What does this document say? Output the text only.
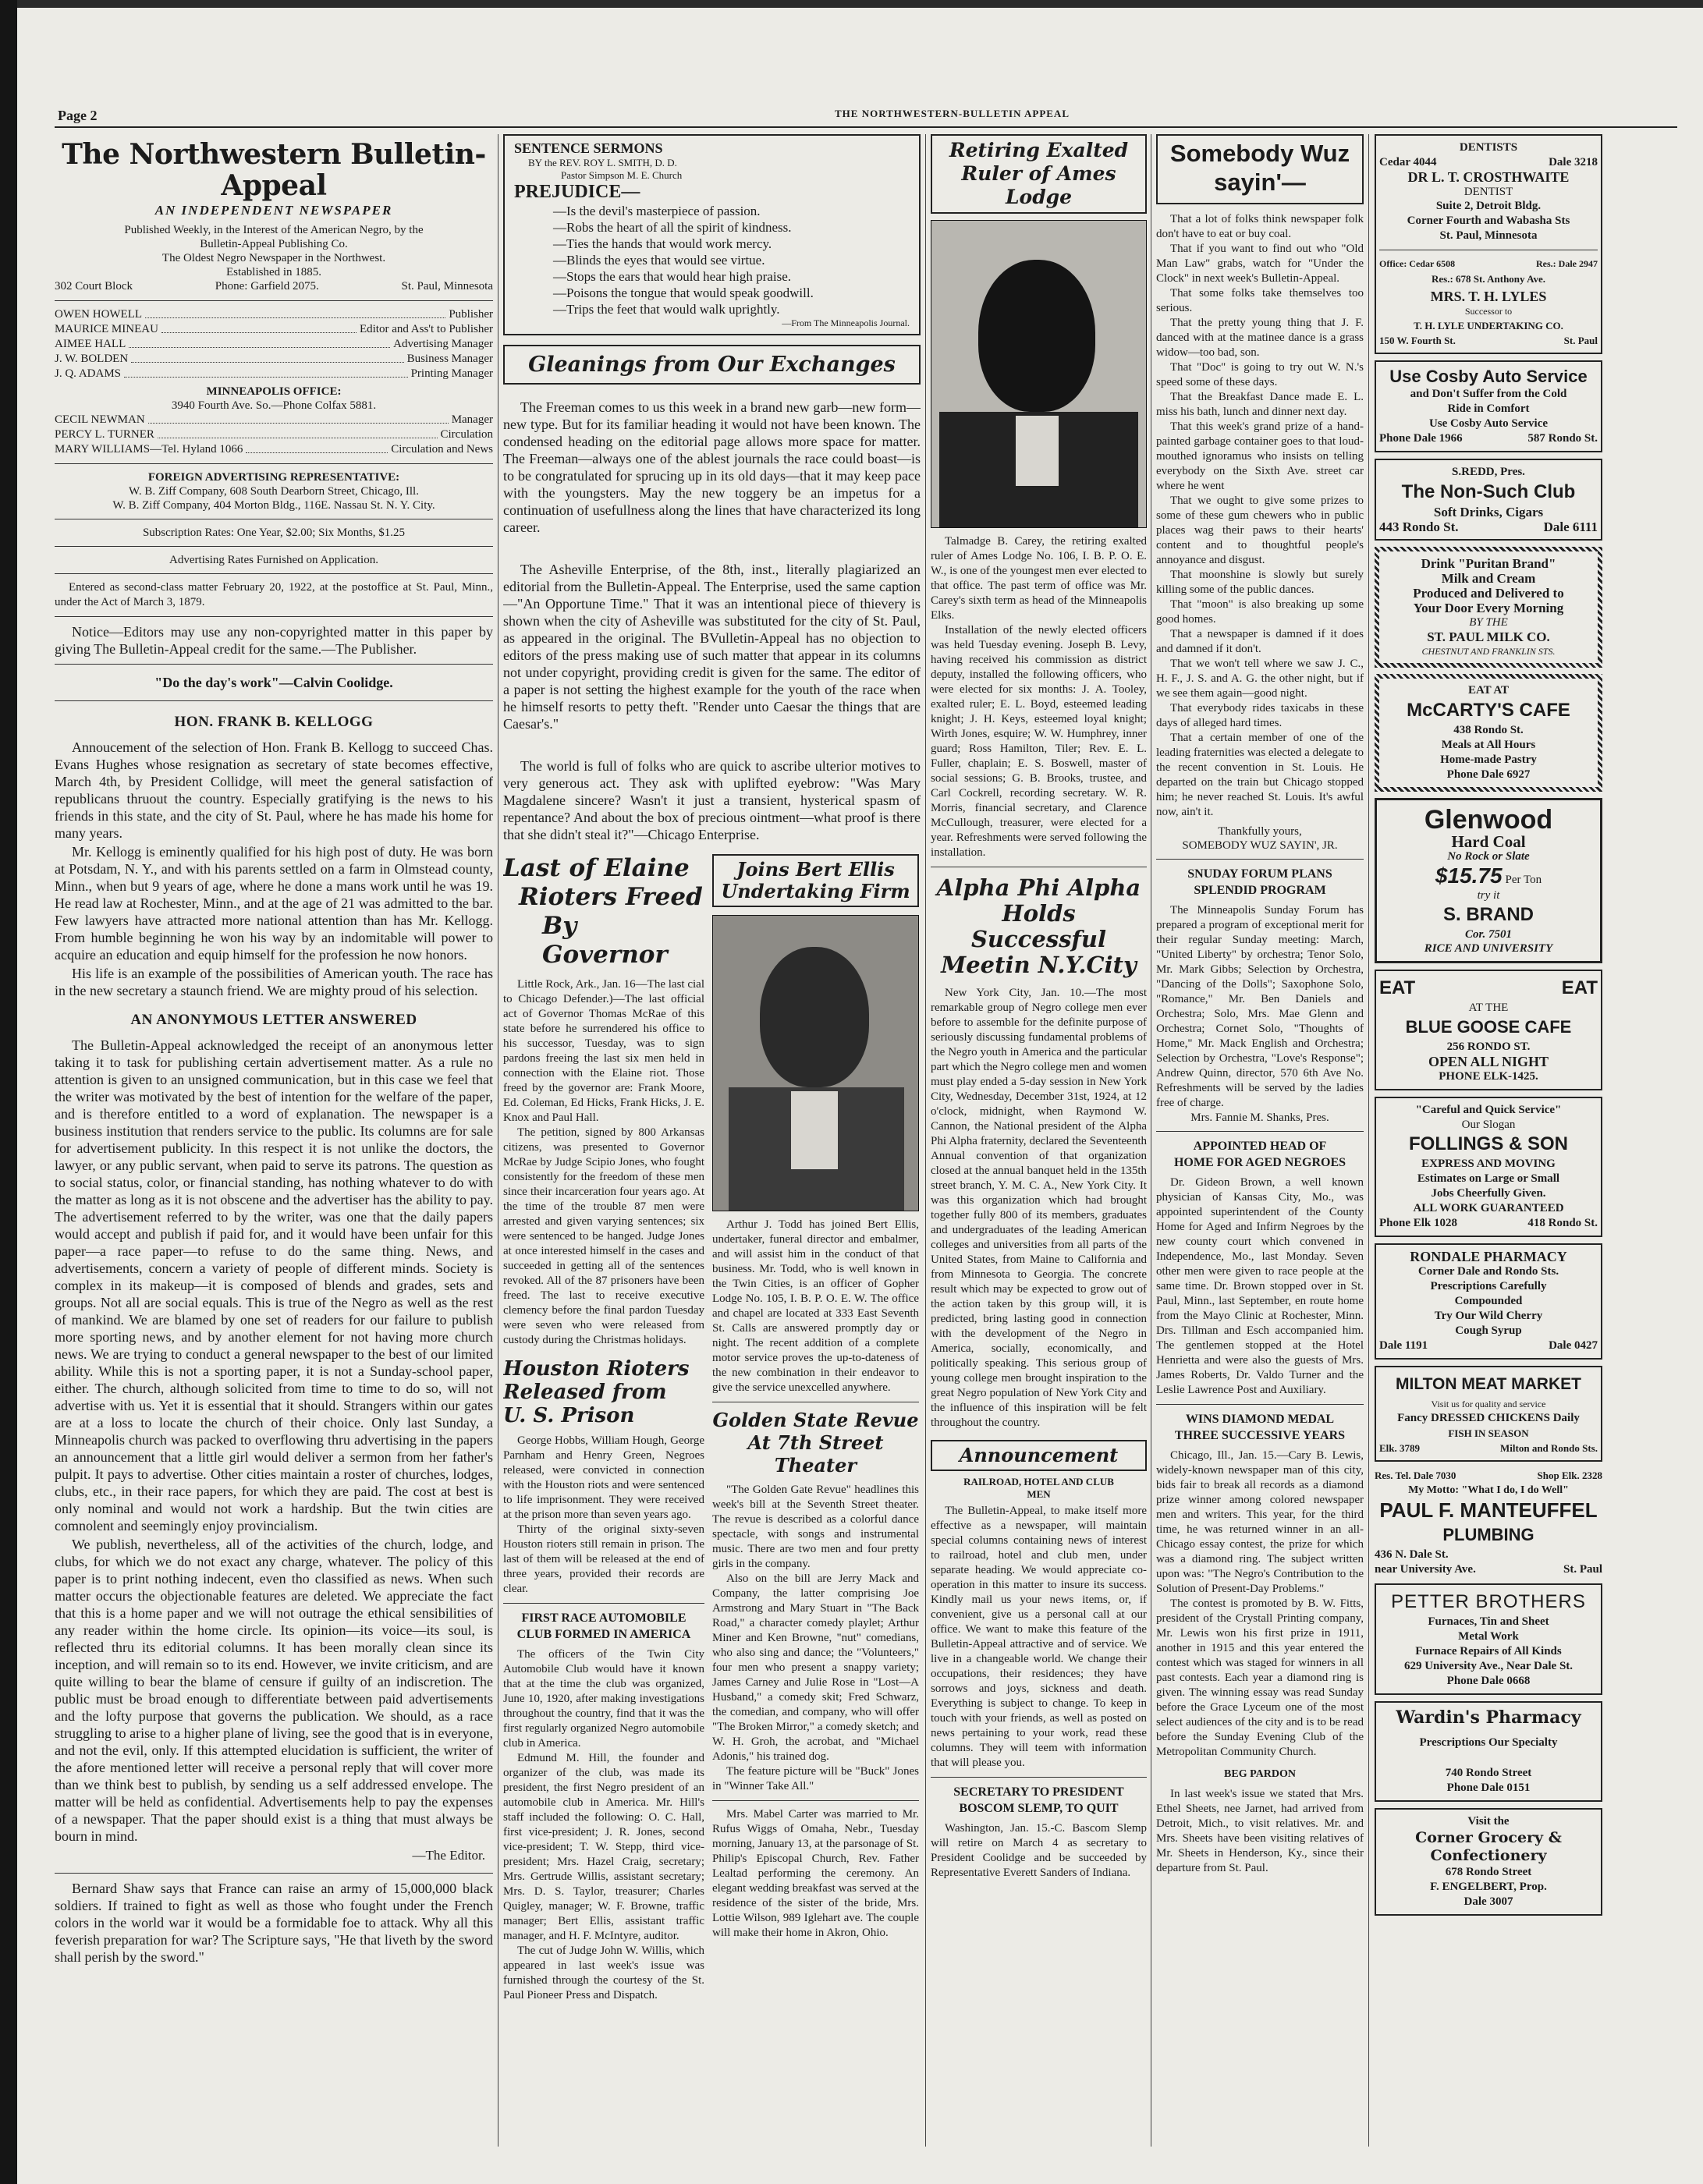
Page 2	THE NORTHWESTERN-BULLETIN APPEAL
The Northwestern Bulletin-Appeal
AN INDEPENDENT NEWSPAPER
Published Weekly, in the Interest of the American Negro, by the
Bulletin-Appeal Publishing Co.
The Oldest Negro Newspaper in the Northwest.
Established in 1885.
302 Court Block	Phone: Garfield 2075.	St. Paul, Minnesota
OWEN HOWELL	Publisher
MAURICE MINEAU	Editor and Ass't to Publisher
AIMEE HALL	Advertising Manager
J. W. BOLDEN	Business Manager
J. Q. ADAMS	Printing Manager
MINNEAPOLIS OFFICE:
3940 Fourth Ave. So.—Phone Colfax 5881.
CECIL NEWMAN	Manager
PERCY L. TURNER	Circulation
MARY WILLIAMS—Tel. Hyland 1066	Circulation and News
FOREIGN ADVERTISING REPRESENTATIVE:
W. B. Ziff Company, 608 South Dearborn Street, Chicago, Ill.
W. B. Ziff Company, 404 Morton Bldg., 116E. Nassau St. N. Y. City.
Subscription Rates: One Year, $2.00; Six Months, $1.25
Advertising Rates Furnished on Application.

Entered as second-class matter February 20, 1922, at the postoffice at St. Paul, Minn., under the Act of March 3, 1879.

Notice—Editors may use any non-copyrighted matter in this paper by giving The Bulletin-Appeal credit for the same.—The Publisher.

"Do the day's work"—Calvin Coolidge.
HON. FRANK B. KELLOGG

Annoucement of the selection of Hon. Frank B. Kellogg to succeed Chas. Evans Hughes whose resignation as secretary of state becomes effective, March 4th, by President Collidge, will meet the general satisfaction of republicans thruout the country. Especially gratifying is the news to his friends in this state, and the city of St. Paul, where he has made his home for many years.

Mr. Kellogg is eminently qualified for his high post of duty. He was born at Potsdam, N. Y., and with his parents settled on a farm in Olmstead county, Minn., when but 9 years of age, where he done a mans work until he was 19. He read law at Rochester, Minn., and at the age of 21 was admitted to the bar. Few lawyers have attracted more national attention than has Mr. Kellogg. From humble beginning he won his way by an indomitable will power to acquire an education and equip himself for the profession he now honors.

His life is an example of the possibilities of American youth. The race has in the new secretary a staunch friend. We are mighty proud of his selection.

AN ANONYMOUS LETTER ANSWERED

The Bulletin-Appeal acknowledged the receipt of an anonymous letter taking it to task for publishing certain advertisement matter. As a rule no attention is given to an unsigned communication, but in this case we feel that the writer was motivated by the best of intention for the welfare of the paper, and is therefore entitled to a word of explanation. The newspaper is a business institution that renders service to the public. Its columns are for sale for advertisement publicity. In this respect it is not unlike the doctors, the lawyer, or any public servant, when paid to serve its patrons. The question as to social status, color, or financial standing, has nothing whatever to do with the matter as long as it is not obscene and the advertiser has the ability to pay. The advertisement referred to by the writer, was one that the daily papers would accept and publish if paid for, and it would have been unfair for this paper—a race paper—to refuse to do the same thing. News, and advertisements, concern a variety of people of different minds. Society is complex in its makeup—it is composed of blends and grades, sets and groups. Not all are social equals. This is true of the Negro as well as the rest of mankind. We are blamed by one set of readers for our failure to publish more sporting news, and by another element for not having more church news. We are trying to conduct a general newspaper to the best of our limited ability. While this is not a sporting paper, it is not a Sunday-school paper, either. The church, although solicited from time to time to do so, will not advertise with us. Yet it is essential that it should. Strangers within our gates are at a loss to locate the church of their choice. Only last Sunday, a Minneapolis church was packed to overflowing thru advertising in the papers an announcement that a little girl would deliver a sermon from her father's pulpit. It pays to advertise. Other cities maintain a roster of churches, lodges, clubs, etc., in their race papers, for which they are paid. The cost at best is only nominal and would not work a hardship. But the twin cities are comnolent and seemingly enjoy provincialism.

We publish, nevertheless, all of the activities of the church, lodge, and clubs, for which we do not exact any charge, whatever. The policy of this paper is to print nothing indecent, even tho classified as news. When such matter occurs the objectionable features are deleted. We appreciate the fact that this is a home paper and we will not outrage the ethical sensibilities of any reader within the home circle. Its opinion—its voice—its soul, is reflected thru its editorial columns. It has been morally clean since its inception, and will remain so to its end. However, we invite criticism, and are quite willing to bear the blame of censure if guilty of an indiscretion. The public must be broad enough to differentiate between paid advertisements and the lofty purpose that governs the publication. We should, as a race struggling to arise to a higher plane of living, see the good that is in everyone, and not the evil, only. If this attempted elucidation is sufficient, the writer of the afore mentioned letter will receive a personal reply that will cover more than we think best to publish, by sending us a self addressed envelope. The matter will be held as confidential. Advertisements help to pay the expenses of a newspaper. That the paper should exist is a thing that must always be bourn in mind.

—The Editor.

Bernard Shaw says that France can raise an army of 15,000,000 black soldiers. If trained to fight as well as those who fought under the French colors in the world war it would be a formidable foe to attack. Why all this feverish preparation for war? The Scripture says, "He that liveth by the sword shall perish by the sword."

SENTENCE SERMONS
BY the REV. ROY L. SMITH, D. D.
Pastor Simpson M. E. Church
PREJUDICE—
—Is the devil's masterpiece of passion.
—Robs the heart of all the spirit of kindness.
—Ties the hands that would work mercy.
—Blinds the eyes that would see virtue.
—Stops the ears that would hear high praise.
—Poisons the tongue that would speak goodwill.
—Trips the feet that would walk uprightly.
—From The Minneapolis Journal.
Gleanings from Our Exchanges

The Freeman comes to us this week in a brand new garb—new form—new type. But for its familiar heading it would not have been known. The condensed heading on the editorial page allows more space for matter. The Freeman—always one of the ablest journals the race could boast—is to be congratulated for sprucing up in its old days—that it may keep pace with the youngsters. May the new toggery be an impetus for a continuation of usefullness along the lines that have characterized its long career.

The Asheville Enterprise, of the 8th, inst., literally plagiarized an editorial from the Bulletin-Appeal. The Enterprise, used the same caption—"An Opportune Time." That it was an intentional piece of thievery is shown when the city of Asheville was substituted for the city of St. Paul, as appeared in the original. The BVulletin-Appeal has no objection to editors of the press making use of such matter that appear in its columns not under copyright, providing credit is given for the same. The editor of a paper is not setting the highest example for the youth of the race when he himself resorts to petty theft. "Render unto Caesar the things that are Caesar's."

The world is full of folks who are quick to ascribe ulterior motives to very generous act. They ask with uplifted eyebrow: "Was Mary Magdalene sincere? Wasn't it just a transient, hysterical spasm of repentance? And about the box of precious ointment—what proof is there that she didn't steal it?"—Chicago Enterprise.

Last of Elaine
Rioters Freed
By Governor

Little Rock, Ark., Jan. 16—The last cial to Chicago Defender.)—The last official act of Governor Thomas McRae of this state before he surrendered his office to his successor, Tuesday, was to sign pardons freeing the last six men held in connection with the Elaine riot. Those freed by the governor are: Frank Moore, Ed. Coleman, Ed Hicks, Frank Hicks, J. E. Knox and Paul Hall.

The petition, signed by 800 Arkansas citizens, was presented to Governor McRae by Judge Scipio Jones, who fought consistently for the freedom of these men since their incarceration four years ago. At the time of the trouble 87 men were arrested and given varying sentences; six were sentenced to be hanged. Judge Jones at once interested himself in the cases and succeeded in getting all of the sentences revoked. All of the 87 prisoners have been freed. The last to receive executive clemency before the final pardon Tuesday were seven who were released from custody during the Christmas holidays.

Houston Rioters
Released from
U. S. Prison

George Hobbs, William Hough, George Parnham and Henry Green, Negroes released, were convicted in connection with the Houston riots and were sentenced to life imprisonment. They were received at the prison more than seven years ago.

Thirty of the original sixty-seven Houston rioters still remain in prison. The last of them will be released at the end of three years, provided their records are clear.

FIRST RACE AUTOMOBILE CLUB FORMED IN AMERICA

The officers of the Twin City Automobile Club would have it known that at the time the club was organized, June 10, 1920, after making investigations throughout the country, find that it was the first regularly organized Negro automobile club in America.

Edmund M. Hill, the founder and organizer of the club, was made its president, the first Negro president of an automobile club in America. Mr. Hill's staff included the following: O. C. Hall, first vice-president; J. R. Jones, second vice-president; T. W. Stepp, third vice-president; Mrs. Hazel Craig, secretary; Mrs. Gertrude Willis, assistant secretary; Mrs. D. S. Taylor, treasurer; Charles Quigley, manager; W. F. Browne, traffic manager; Bert Ellis, assistant traffic manager, and H. F. McIntyre, auditor.

The cut of Judge John W. Willis, which appeared in last week's issue was furnished through the courtesy of the St. Paul Pioneer Press and Dispatch.

Joins Bert Ellis
Undertaking Firm

Arthur J. Todd has joined Bert Ellis, undertaker, funeral director and embalmer, and will assist him in the conduct of that business. Mr. Todd, who is well known in the Twin Cities, is an officer of Gopher Lodge No. 105, I. B. P. O. E. W. The office and chapel are located at 333 East Seventh St. Calls are answered promptly day or night. The recent addition of a complete motor service proves the up-to-dateness of the new combination in their endeavor to give the service unexcelled anywhere.

Golden State Revue
At 7th Street Theater

"The Golden Gate Revue" headlines this week's bill at the Seventh Street theater. The revue is described as a colorful dance spectacle, with songs and instrumental music. There are two men and four pretty girls in the company.

Also on the bill are Jerry Mack and Company, the latter comprising Joe Armstrong and Mary Stuart in "The Back Road," a character comedy playlet; Arthur Miner and Ken Browne, "nut" comedians, who also sing and dance; the "Volunteers," four men who present a snappy variety; James Carney and Julie Rose in "Lost—A Husband," a comedy skit; Fred Schwarz, the comedian, and company, who will offer "The Broken Mirror," a comedy sketch; and W. H. Groh, the acrobat, and "Michael Adonis," his trained dog.

The feature picture will be "Buck" Jones in "Winner Take All."

Mrs. Mabel Carter was married to Mr. Rufus Wiggs of Omaha, Nebr., Tuesday morning, January 13, at the parsonage of St. Philip's Episcopal Church, Rev. Father Lealtad performing the ceremony. An elegant wedding breakfast was served at the residence of the sister of the bride, Mrs. Lottie Wilson, 989 Iglehart ave. The couple will make their home in Akron, Ohio.

Retiring Exalted
Ruler of Ames Lodge

Talmadge B. Carey, the retiring exalted ruler of Ames Lodge No. 106, I. B. P. O. E. W., is one of the youngest men ever elected to that office. The past term of office was Mr. Carey's sixth term as head of the Minneapolis Elks.

Installation of the newly elected officers was held Tuesday evening. Joseph B. Levy, having received his commission as district deputy, installed the following officers, who were elected for six months: J. A. Tooley, exalted ruler; E. L. Boyd, esteemed leading knight; J. H. Keys, esteemed loyal knight; Wirth Jones, esquire; W. W. Humphrey, inner guard; Ross Hamilton, Tiler; Rev. E. L. Fuller, chaplain; E. S. Boswell, master of social sessions; G. B. Brooks, trustee, and Carl Cockrell, recording secretary. W. R. Morris, financial secretary, and Clarence McCullough, treasurer, were elected for a year. Refreshments were served following the installation.

Alpha Phi Alpha
Holds Successful
Meetin N.Y.City

New York City, Jan. 10.—The most remarkable group of Negro college men ever before to assemble for the definite purpose of seriously discussing fundamental problems of the Negro youth in America and the particular part which the Negro college men and women must play ended a 5-day session in New York City, Wednesday, December 31st, 1924, at 12 o'clock, midnight, when Raymond W. Cannon, the National president of the Alpha Phi Alpha fraternity, declared the Seventeenth Annual convention of that organization closed at the annual banquet held in the 135th street branch, Y. M. C. A., New York City. It was this organization which had brought together fully 800 of its members, graduates and undergraduates of the leading American colleges and universities from all parts of the United States, from Maine to California and from Minnesota to Georgia. The concrete result which may be expected to grow out of the action taken by this group will, it is predicted, bring lasting good in connection with the development of the Negro in America, socially, economically, and politically speaking. This serious group of young college men brought inspiration to the great Negro population of New York City and the influence of this inspiration will be felt throughout the country.

Announcement
RAILROAD, HOTEL AND CLUB
MEN

The Bulletin-Appeal, to make itself more effective as a newspaper, will maintain special columns containing news of interest to railroad, hotel and club men, under separate heading. We would appreciate co-operation in this matter to insure its success. Kindly mail us your news items, or, if convenient, give us a personal call at our office. We want to make this feature of the Bulletin-Appeal attractive and of service. We live in a changeable world. We change their occupations, their residences; they have sorrows and joys, sickness and death. Everything is subject to change. To keep in touch with your friends, as well as posted on news pertaining to your work, read these columns. They will teem with information that will please you.

SECRETARY TO PRESIDENT
BOSCOM SLEMP, TO QUIT

Washington, Jan. 15.-C. Bascom Slemp will retire on March 4 as secretary to President Coolidge and be succeeded by Representative Everett Sanders of Indiana.

Somebody Wuz
sayin'—

That a lot of folks think newspaper folk don't have to eat or buy coal.

That if you want to find out who "Old Man Law" grabs, watch for "Under the Clock" in next week's Bulletin-Appeal.

That some folks take themselves too serious.

That the pretty young thing that J. F. danced with at the matinee dance is a grass widow—too bad, son.

That "Doc" is going to try out W. N.'s speed some of these days.

That the Breakfast Dance made E. L. miss his bath, lunch and dinner next day.

That this week's grand prize of a hand-painted garbage container goes to that loud-mouthed ignoramus who insists on telling everybody on the Sixth Ave. street car where he went

That we ought to give some prizes to some of these gum chewers who in public places wag their paws to their hearts' content and to thoughtful people's annoyance and disgust.

That moonshine is slowly but surely killing some of the public dances.

That "moon" is also breaking up some good homes.

That a newspaper is damned if it does and damned if it don't.

That we won't tell where we saw J. C., H. F., J. S. and A. G. the other night, but if we see them again—good night.

That everybody rides taxicabs in these days of alleged hard times.

That a certain member of one of the leading fraternities was elected a delegate to the recent convention in St. Louis. He departed on the train but Chicago stopped him; he never reached St. Louis. It's awful now, ain't it.

Thankfully yours,
SOMEBODY WUZ SAYIN', JR.
SNUDAY FORUM PLANS
SPLENDID PROGRAM

The Minneapolis Sunday Forum has prepared a program of exceptional merit for their regular Sunday meeting: March, "United Liberty" by orchestra; Tenor Solo, Mr. Mark Gibbs; Selection by Orchestra, "Dancing of the Dolls"; Saxophone Solo, "Romance," Mr. Ben Daniels and Orchestra; Solo, Mrs. Mae Glenn and Orchestra; Cornet Solo, "Thoughts of Home," Mr. Mack English and Orchestra; Selection by Orchestra, "Love's Response"; Andrew Quinn, director, 570 6th Ave No. Refreshments will be served by the ladies free of charge.

Mrs. Fannie M. Shanks, Pres.
APPOINTED HEAD OF
HOME FOR AGED NEGROES

Dr. Gideon Brown, a well known physician of Kansas City, Mo., was appointed superintendent of the County Home for Aged and Infirm Negroes by the new county court which convened in Independence, Mo., last Monday. Seven other men were given to race people at the same time. Dr. Brown stopped over in St. Paul, Minn., last September, en route home from the Mayo Clinic at Rochester, Minn. Drs. Tillman and Esch accompanied him. The gentlemen stopped at the Hotel Henrietta and were also the guests of Mrs. James Roberts, Dr. Valdo Turner and the Leslie Lawrence Post and Auxiliary.

WINS DIAMOND MEDAL
THREE SUCCESSIVE YEARS

Chicago, Ill., Jan. 15.—Cary B. Lewis, widely-known newspaper man of this city, bids fair to break all records as a diamond prize winner among colored newspaper men and writers. This year, for the third time, he was returned winner in an all-Chicago essay contest, the prize for which was a diamond ring. The subject written upon was: "The Negro's Contribution to the Solution of Present-Day Problems."

The contest is promoted by B. W. Fitts, president of the Crystall Printing company, Mr. Lewis won his first prize in 1911, another in 1915 and this year entered the contest which was staged for winners in all past contests. Each year a diamond ring is given. The winning essay was read Sunday before the Grace Lyceum one of the most select audiences of the city and is to be read before the Sunday Evening Club of the Metropolitan Community Church.

BEG PARDON

In last week's issue we stated that Mrs. Ethel Sheets, nee Jarnet, had arrived from Detroit, Mich., to visit relatives. Mr. and Mrs. Sheets have been visiting relatives of Mr. Sheets in Henderson, Ky., since their departure from St. Paul.

DENTISTS
Cedar 4044	Dale 3218
DR L. T. CROSTHWAITE
DENTIST
Suite 2, Detroit Bldg.
Corner Fourth and Wabasha Sts
St. Paul, Minnesota
Office: Cedar 6508	Res.: Dale 2947
Res.: 678 St. Anthony Ave.
MRS. T. H. LYLES
Successor to
T. H. LYLE UNDERTAKING CO.
150 W. Fourth St.	St. Paul
Use Cosby Auto Service
and Don't Suffer from the Cold
Ride in Comfort
Use Cosby Auto Service
Phone Dale 1966	587 Rondo St.
S.REDD, Pres.
The Non-Such Club
Soft Drinks, Cigars
443 Rondo St.	Dale 6111
Drink "Puritan Brand"
Milk and Cream
Produced and Delivered to
Your Door Every Morning
BY THE
ST. PAUL MILK CO.
CHESTNUT AND FRANKLIN STS.
EAT AT
McCARTY'S CAFE
438 Rondo St.
Meals at All Hours
Home-made Pastry
Phone Dale 6927
Glenwood
Hard Coal
No Rock or Slate
$15.75 Per Ton
try it
S. BRAND
Cor. 7501
RICE AND UNIVERSITY
EAT	EAT
AT THE
BLUE GOOSE CAFE
256 RONDO ST.
OPEN ALL NIGHT
PHONE ELK-1425.
"Careful and Quick Service"
Our Slogan
FOLLINGS & SON
EXPRESS AND MOVING
Estimates on Large or Small
Jobs Cheerfully Given.
ALL WORK GUARANTEED
Phone Elk 1028	418 Rondo St.
RONDALE PHARMACY
Corner Dale and Rondo Sts.
Prescriptions Carefully
Compounded
Try Our Wild Cherry
Cough Syrup
Dale 1191	Dale 0427
MILTON MEAT MARKET
Visit us for quality and service
Fancy DRESSED CHICKENS Daily
FISH IN SEASON
Elk. 3789	Milton and Rondo Sts.
Res. Tel. Dale 7030	Shop Elk. 2328
My Motto: "What I do, I do Well"
PAUL F. MANTEUFFEL
PLUMBING
436 N. Dale St.
near University Ave.	St. Paul
PETTER BROTHERS
Furnaces, Tin and Sheet
Metal Work
Furnace Repairs of All Kinds
629 University Ave., Near Dale St.
Phone Dale 0668
Wardin's Pharmacy
Prescriptions Our Specialty
740 Rondo Street
Phone Dale 0151
Visit the
Corner Grocery & Confectionery
678 Rondo Street
F. ENGELBERT, Prop.
Dale 3007
